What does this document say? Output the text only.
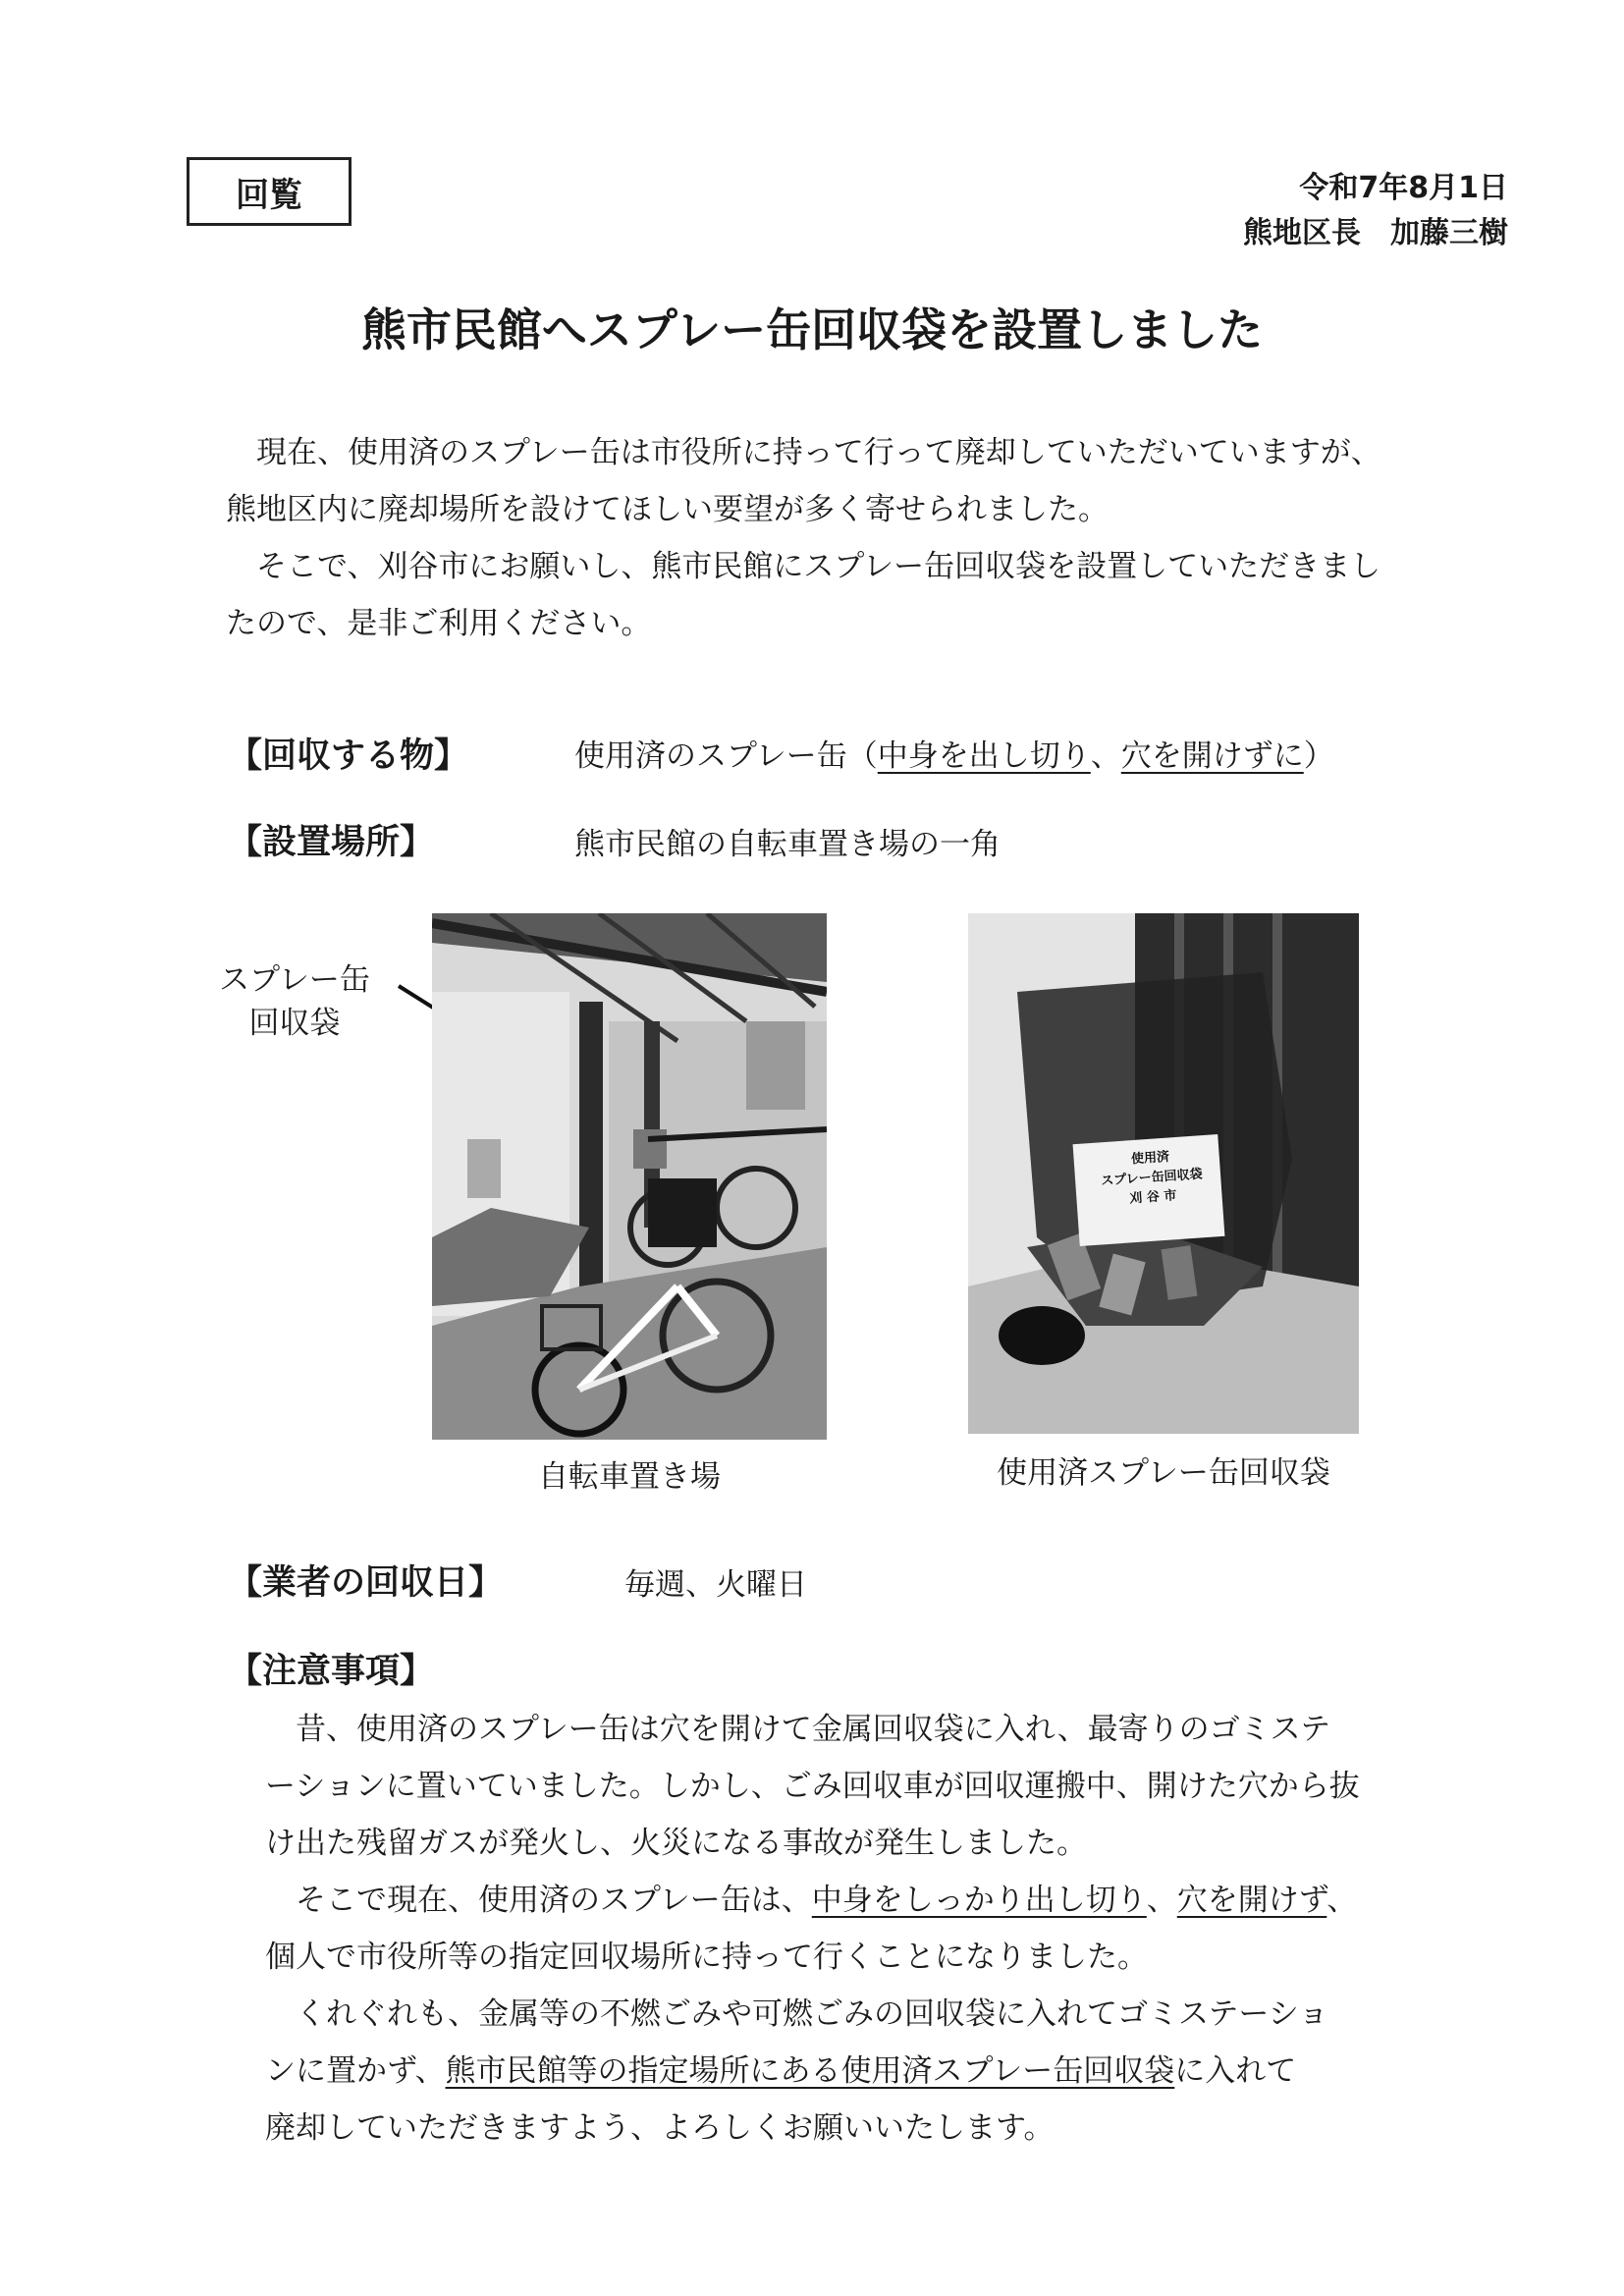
回覧	令和7年8月1日
熊地区長　加藤三樹
熊市民館へスプレー缶回収袋を設置しました
　現在、使用済のスプレー缶は市役所に持って行って廃却していただいていますが、
熊地区内に廃却場所を設けてほしい要望が多く寄せられました。
　そこで、刈谷市にお願いし、熊市民館にスプレー缶回収袋を設置していただきまし
たので、是非ご利用ください。
【回収する物】	使用済のスプレー缶（中身を出し切り、穴を開けずに）
【設置場所】	熊市民館の自転車置き場の一角
スプレー缶
回収袋
使用済
スプレー缶回収袋
刈 谷 市
自転車置き場	使用済スプレー缶回収袋
【業者の回収日】	毎週、火曜日
【注意事項】
　昔、使用済のスプレー缶は穴を開けて金属回収袋に入れ、最寄りのゴミステ
ーションに置いていました。しかし、ごみ回収車が回収運搬中、開けた穴から抜
け出た残留ガスが発火し、火災になる事故が発生しました。
　そこで現在、使用済のスプレー缶は、中身をしっかり出し切り、穴を開けず、
個人で市役所等の指定回収場所に持って行くことになりました。
　くれぐれも、金属等の不燃ごみや可燃ごみの回収袋に入れてゴミステーショ
ンに置かず、熊市民館等の指定場所にある使用済スプレー缶回収袋に入れて
廃却していただきますよう、よろしくお願いいたします。
